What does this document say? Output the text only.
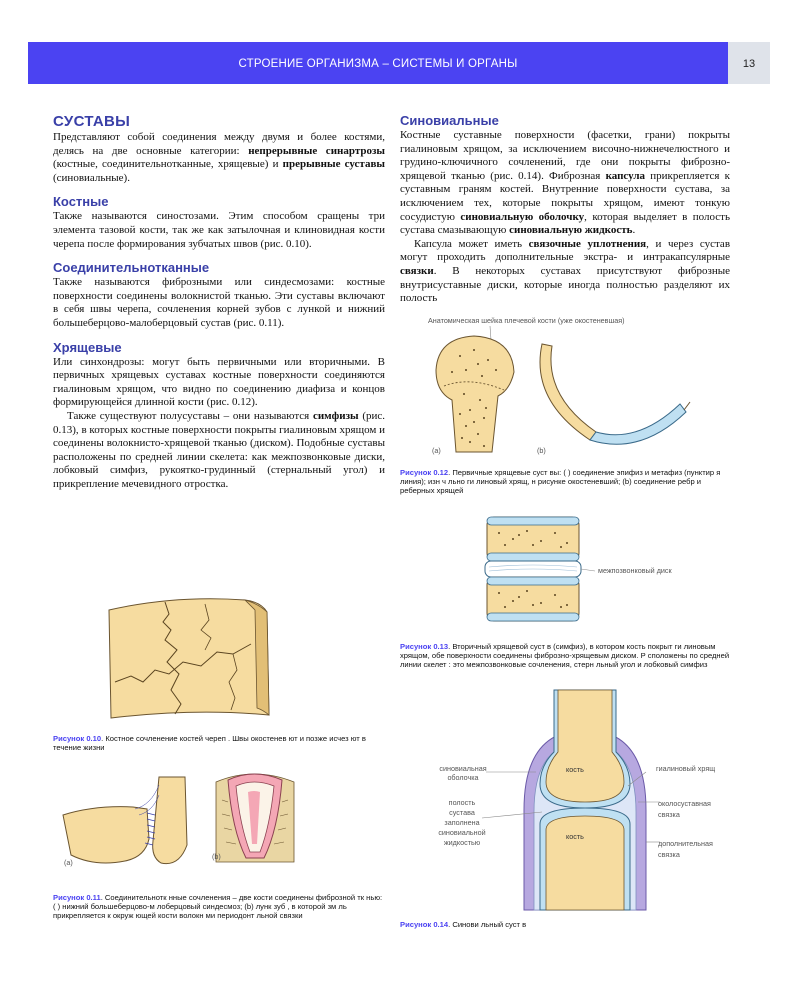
СТРОЕНИЕ ОРГАНИЗМА – СИСТЕМЫ И ОРГАНЫ	13
СУСТАВЫ

Представляют собой соединения между двумя и более костями, делясь на две основные категории: непрерывные синартрозы (костные, соединительнотканные, хрящевые) и прерывные суставы (синовиальные).

Костные

Также называются синостозами. Этим способом сращены три элемента тазовой кости, так же как затылочная и клиновидная кости черепа после формирования зубчатых швов (рис. 0.10).

Соединительнотканные

Также называются фиброзными или синдесмозами: костные поверхности соединены волокнистой тканью. Эти суставы включают в себя швы черепа, сочленения корней зубов с лункой и нижний большеберцово-малоберцовый сустав (рис. 0.11).

Хрящевые

Или синхондрозы: могут быть первичными или вторичными. В первичных хрящевых суставах костные поверхности соединяются гиалиновым хрящом, что видно по соединению диафиза и концов формирующейся длинной кости (рис. 0.12).

Также существуют полусуставы – они называются симфизы (рис. 0.13), в которых костные поверхности покрыты гиалиновым хрящом и соединены волокнисто-хрящевой тканью (диском). Подобные суставы расположены по средней линии скелета: как межпозвонковые диски, лобковый симфиз, рукоятко-грудинный (стернальный угол) и прикрепление мечевидного отростка.

Синовиальные

Костные суставные поверхности (фасетки, грани) покрыты гиалиновым хрящом, за исключением височно-нижнечелюстного и грудино-ключичного сочленений, где они покрыты фиброзно-хрящевой тканью (рис. 0.14). Фиброзная капсула прикрепляется к суставным граням костей. Внутренние поверхности сустава, за исключением тех, которые покрыты хрящом, имеют тонкую сосудистую синовиальную оболочку, которая выделяет в полость сустава смазывающую синовиальную жидкость.

Капсула может иметь связочные уплотнения, и через сустав могут проходить дополнительные экстра- и интракапсулярные связки. В некоторых суставах присутствуют фиброзные внутрисуставные диски, которые иногда полностью разделяют их полость

Рисунок 0.10. Костное сочленение костей череп . Швы окостенев ют и позже исчез ют в течение жизни
(a)
(b)
Рисунок 0.11. Соединительнотк нные сочленения – две кости соединены фиброзной тк нью: ( ) нижний большеберцово-м лоберцовый синдесмоз; (b) лунк зуб , в которой зм ль прикрепляется к окруж ющей кости волокн ми периодонт льной связки
Анатомическая шейка плечевой кости (уже окостеневшая)
(a)	(b)
Рисунок 0.12. Первичные хрящевые суст вы: ( ) соединение эпифиз и метафиз (пунктир я линия); изн ч льно ги линовый хрящ, н рисунке окостеневший; (b) соединение ребр и реберных хрящей
межпозвонковый диск
Рисунок 0.13. Вторичный хрящевой суст в (симфиз), в котором кость покрыт ги линовым хрящом, обе поверхности соединены фиброзно-хрящевым диском. Р сположены по средней линии скелет : это межпозвонковые сочленения, стерн льный угол и лобковый симфиз
кость
кость
синовиальная оболочка
полость сустава заполнена синовиальной жидкостью
гиалиновый хрящ
околосуставная связка
дополнительная связка
Рисунок 0.14. Синови льный суст в
